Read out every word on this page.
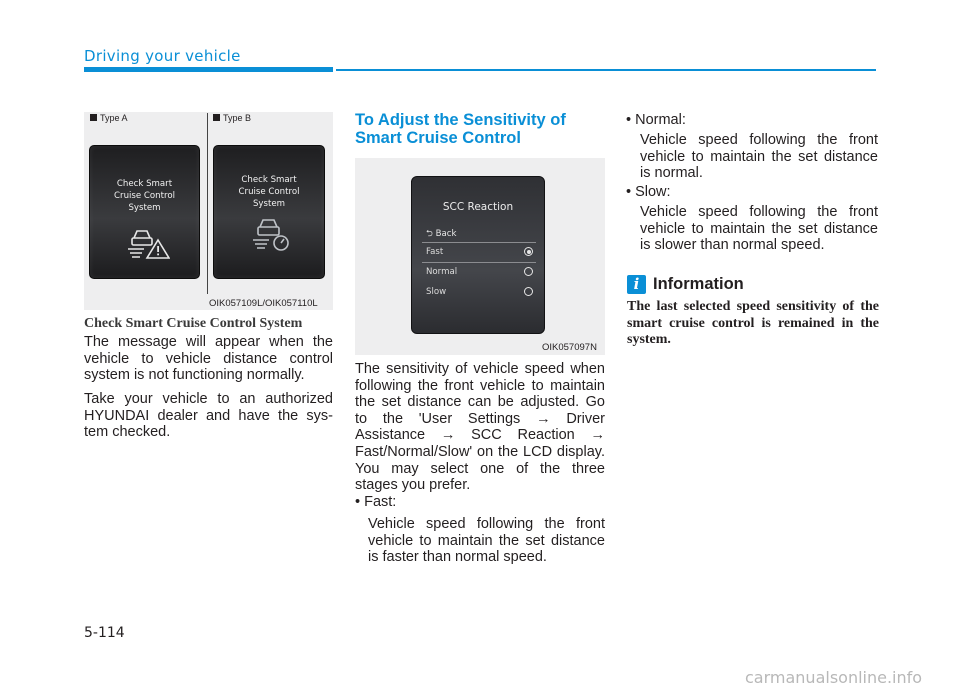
Driving your vehicle
Type A	Type B
Check Smart
Cruise Control
System
Check Smart
Cruise Control
System
OIK057109L/OIK057110L
Check Smart Cruise Control System
The message will appear when the vehicle to vehicle distance control system is not functioning normally.
Take your vehicle to an authorized HYUNDAI dealer and have the sys-tem checked.
To Adjust the Sensitivity of Smart Cruise Control
SCC Reaction
⮌ Back
Fast
Normal
Slow
OIK057097N
The sensitivity of vehicle speed when following the front vehicle to maintain the set distance can be adjusted. Go to the 'User Settings → Driver Assistance → SCC Reaction → Fast/Normal/Slow' on the LCD display. You may select one of the three stages you prefer.
• Fast:
Vehicle speed following the front vehicle to maintain the set distance is faster than normal speed.
• Normal:
Vehicle speed following the front vehicle to maintain the set distance is normal.
• Slow:
Vehicle speed following the front vehicle to maintain the set distance is slower than normal speed.
i Information
The last selected speed sensitivity of the smart cruise control is remained in the system.
5-114
carmanualsonline.info
